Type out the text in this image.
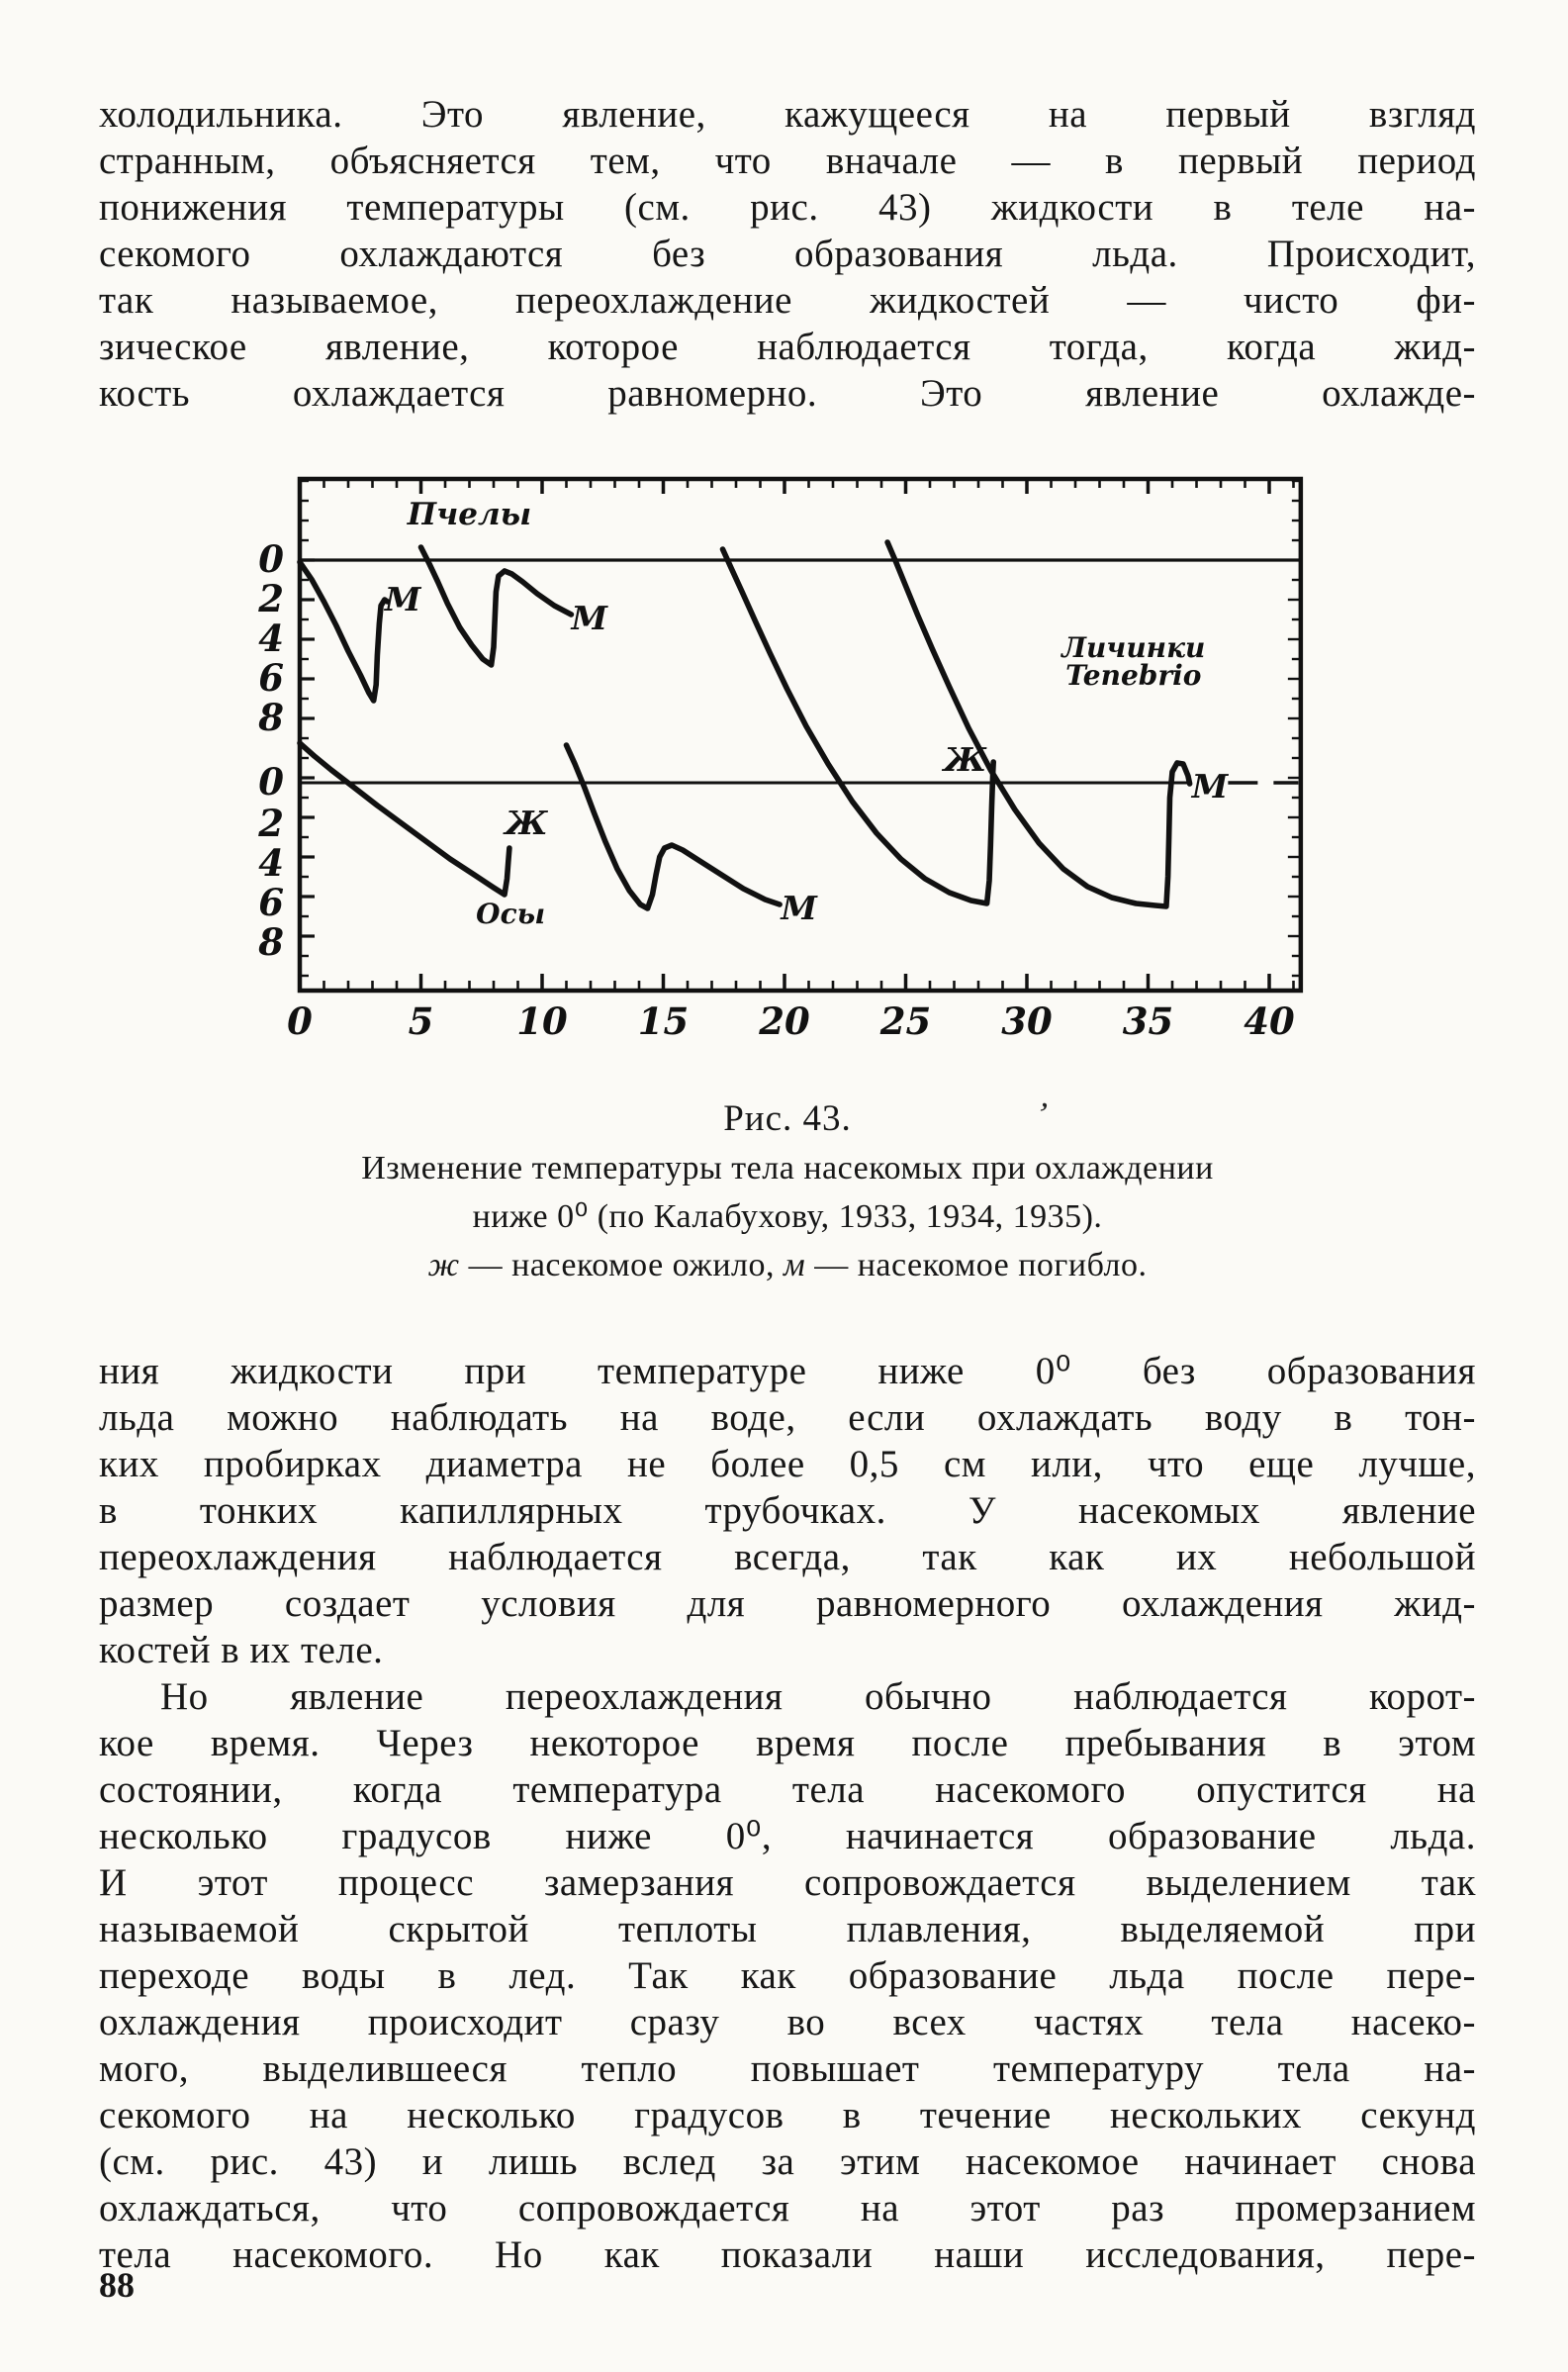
холодильника. Это явление, кажущееся на первый взгляд
странным, объясняется тем, что вначале — в первый период
понижения температуры (см. рис. 43) жидкости в теле на-
секомого охлаждаются без образования льда. Происходит,
так называемое, переохлаждение жидкостей — чисто фи-
зическое явление, которое наблюдается тогда, когда жид-
кость охлаждается равномерно. Это явление охлажде-
0
2
4
6
8
0
2
4
6
8
0	5 10 15 20 25 30 35 40
Пчелы
Осы
Личинки
Tenebrio
М	М
Ж
М
Ж
М
Рис. 43.
Изменение температуры тела насекомых при охлаждении
ниже 0⁰ (по Калабухову, 1933, 1934, 1935).
ж — насекомое ожило, м — насекомое погибло.
ʼ
ния жидкости при температуре ниже 0⁰ без образования
льда можно наблюдать на воде, если охлаждать воду в тон-
ких пробирках диаметра не более 0,5 см или, что еще лучше,
в тонких капиллярных трубочках. У насекомых явление
переохлаждения наблюдается всегда, так как их небольшой
размер создает условия для равномерного охлаждения жид-
костей в их теле.
Но явление переохлаждения обычно наблюдается корот-
кое время. Через некоторое время после пребывания в этом
состоянии, когда температура тела насекомого опустится на
несколько градусов ниже 0⁰, начинается образование льда.
И этот процесс замерзания сопровождается выделением так
называемой скрытой теплоты плавления, выделяемой при
переходе воды в лед. Так как образование льда после пере-
охлаждения происходит сразу во всех частях тела насеко-
мого, выделившееся тепло повышает температуру тела на-
секомого на несколько градусов в течение нескольких секунд
(см. рис. 43) и лишь вслед за этим насекомое начинает снова
охлаждаться, что сопровождается на этот раз промерзанием
тела насекомого. Но как показали наши исследования, пере-
88
